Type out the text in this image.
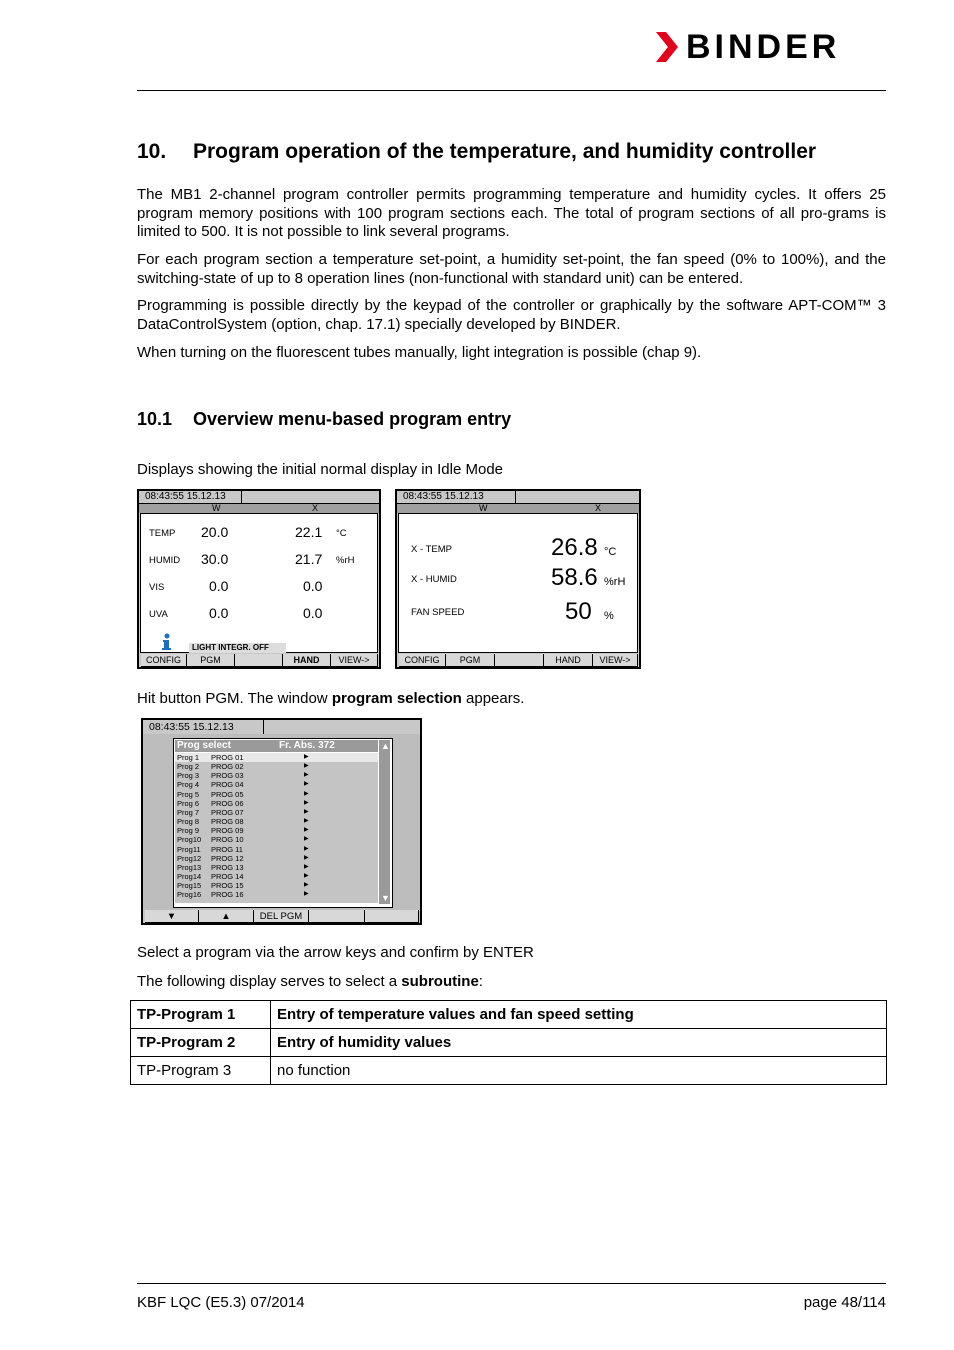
BINDER
10. Program operation of the temperature, and humidity controller

The MB1 2-channel program controller permits programming temperature and humidity cycles. It offers 25 program memory positions with 100 program sections each. The total of program sections of all pro-grams is limited to 500. It is not possible to link several programs.

For each program section a temperature set-point, a humidity set-point, the fan speed (0% to 100%), and the switching-state of up to 8 operation lines (non-functional with standard unit) can be entered.

Programming is possible directly by the keypad of the controller or graphically by the software APT-COM™ 3 DataControlSystem (option, chap. 17.1) specially developed by BINDER.

When turning on the fluorescent tubes manually, light integration is possible (chap 9).

10.1 Overview menu-based program entry
Displays showing the initial normal display in Idle Mode
08:43:55 15.12.13
W	X
TEMP 20.0	22.1 °C
HUMID 30.0	21.7 %rH
VIS	0.0	0.0
UVA	0.0	0.0
LIGHT INTEGR. OFF
CONFIG	PGM	HAND	VIEW->
08:43:55 15.12.13
W	X
X - TEMP	26.8 °C
X - HUMID	58.6 %rH
FAN SPEED	50 %
CONFIG	PGM	HAND	VIEW->
Hit button PGM. The window program selection appears.
08:43:55 15.12.13
Prog select	Fr. Abs. 372
Prog 1 PROG 01	▶
Prog 2 PROG 02	▶
Prog 3 PROG 03	▶
Prog 4 PROG 04	▶
Prog 5 PROG 05	▶
Prog 6 PROG 06	▶
Prog 7 PROG 07	▶
Prog 8 PROG 08	▶
Prog 9 PROG 09	▶
Prog10 PROG 10	▶
Prog11 PROG 11	▶
Prog12 PROG 12	▶
Prog13 PROG 13	▶
Prog14 PROG 14	▶
Prog15 PROG 15	▶
Prog16 PROG 16	▶
▲
▼
▼	▲	DEL PGM
Select a program via the arrow keys and confirm by ENTER
The following display serves to select a subroutine:
TP-Program 1	Entry of temperature values and fan speed setting
TP-Program 2	Entry of humidity values
TP-Program 3	no function
KBF LQC (E5.3) 07/2014	page 48/114
